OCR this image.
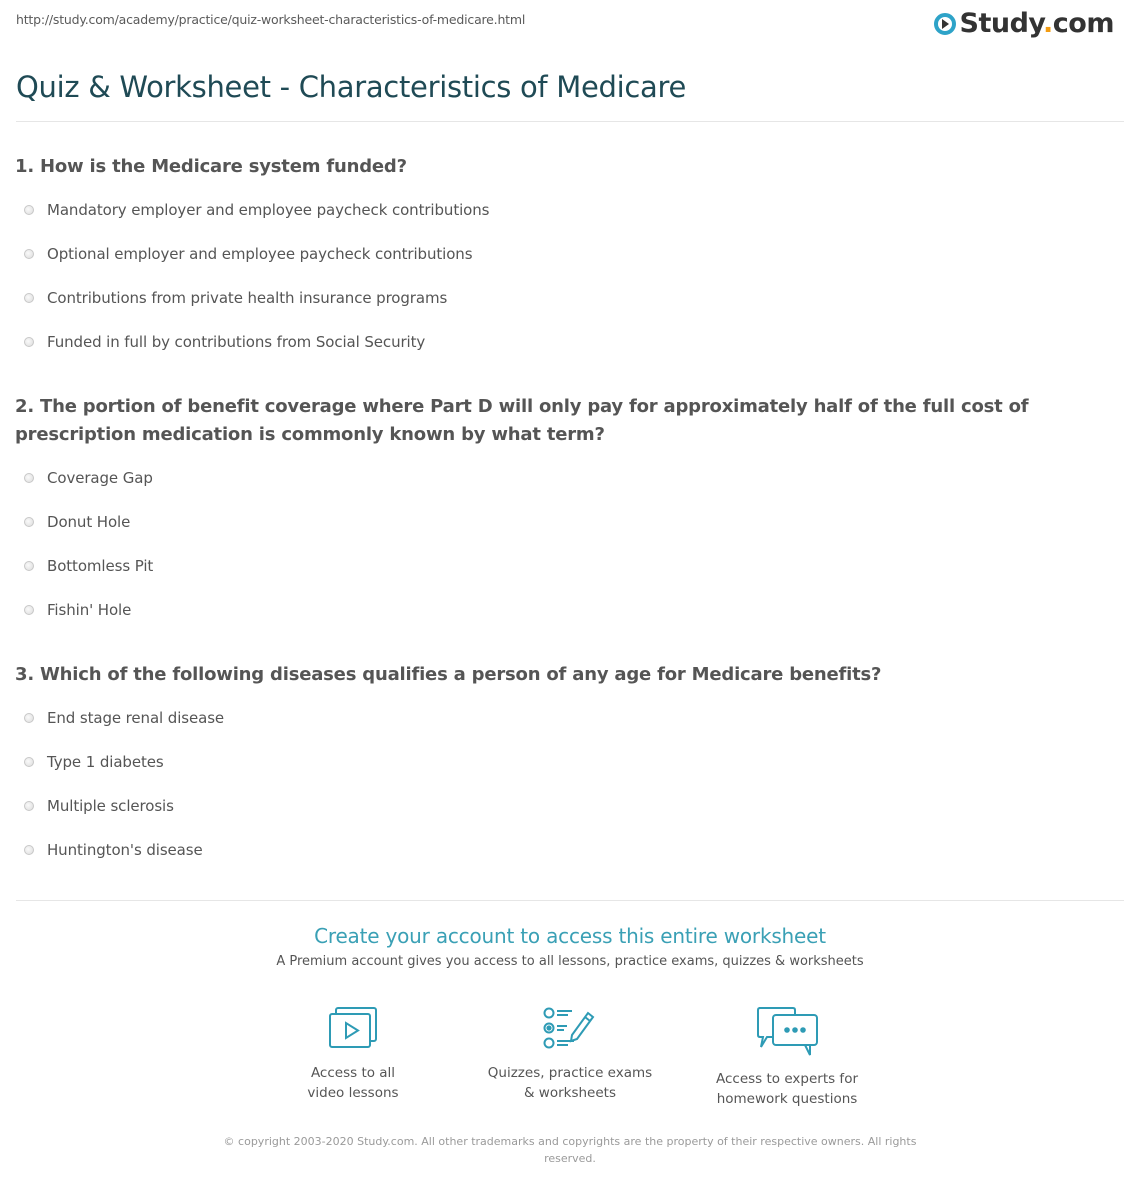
http://study.com/academy/practice/quiz-worksheet-characteristics-of-medicare.html	Study.com
Quiz & Worksheet - Characteristics of Medicare
1. How is the Medicare system funded?
Mandatory employer and employee paycheck contributions
Optional employer and employee paycheck contributions
Contributions from private health insurance programs
Funded in full by contributions from Social Security
2. The portion of benefit coverage where Part D will only pay for approximately half of the full cost of prescription medication is commonly known by what term?
Coverage Gap
Donut Hole
Bottomless Pit
Fishin' Hole
3. Which of the following diseases qualifies a person of any age for Medicare benefits?
End stage renal disease
Type 1 diabetes
Multiple sclerosis
Huntington's disease
Create your account to access this entire worksheet
A Premium account gives you access to all lessons, practice exams, quizzes & worksheets
Access to all
video lessons
Quizzes, practice exams
& worksheets
Access to experts for
homework questions
© copyright 2003-2020 Study.com. All other trademarks and copyrights are the property of their respective owners. All rights reserved.
